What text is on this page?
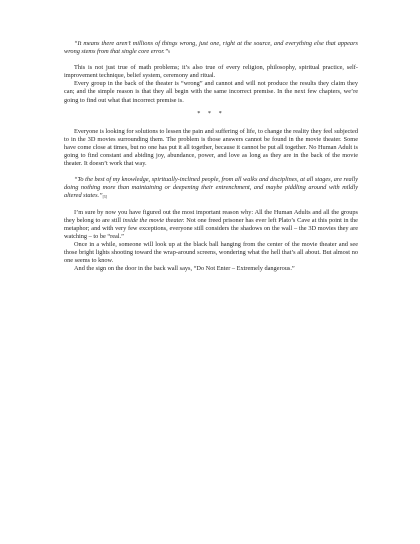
“It means there aren’t millions of things wrong, just one, right at the source, and everything else that appears wrong stems from that single core error.”6

This is not just true of math problems; it’s also true of every religion, philosophy, spiritual practice, self-improvement technique, belief system, ceremony and ritual.

Every group in the back of the theater is “wrong” and cannot and will not produce the results they claim they can; and the simple reason is that they all begin with the same incorrect premise. In the next few chapters, we’re going to find out what that incorrect premise is.

* * *

Everyone is looking for solutions to lessen the pain and suffering of life, to change the reality they feel subjected to in the 3D movies surrounding them. The problem is those answers cannot be found in the movie theater. Some have come close at times, but no one has put it all together, because it cannot be put all together. No Human Adult is going to find constant and abiding joy, abundance, power, and love as long as they are in the back of the movie theater. It doesn’t work that way.

“To the best of my knowledge, spiritually-inclined people, from all walks and disciplines, at all stages, are really doing nothing more than maintaining or deepening their entrenchment, and maybe piddling around with mildly altered states.”[3]

I’m sure by now you have figured out the most important reason why: All the Human Adults and all the groups they belong to are still inside the movie theater. Not one freed prisoner has ever left Plato’s Cave at this point in the metaphor; and with very few exceptions, everyone still considers the shadows on the wall – the 3D movies they are watching – to be “real.”

Once in a while, someone will look up at the black ball hanging from the center of the movie theater and see those bright lights shooting toward the wrap-around screens, wondering what the hell that’s all about. But almost no one seems to know.

And the sign on the door in the back wall says, “Do Not Enter – Extremely dangerous.”
